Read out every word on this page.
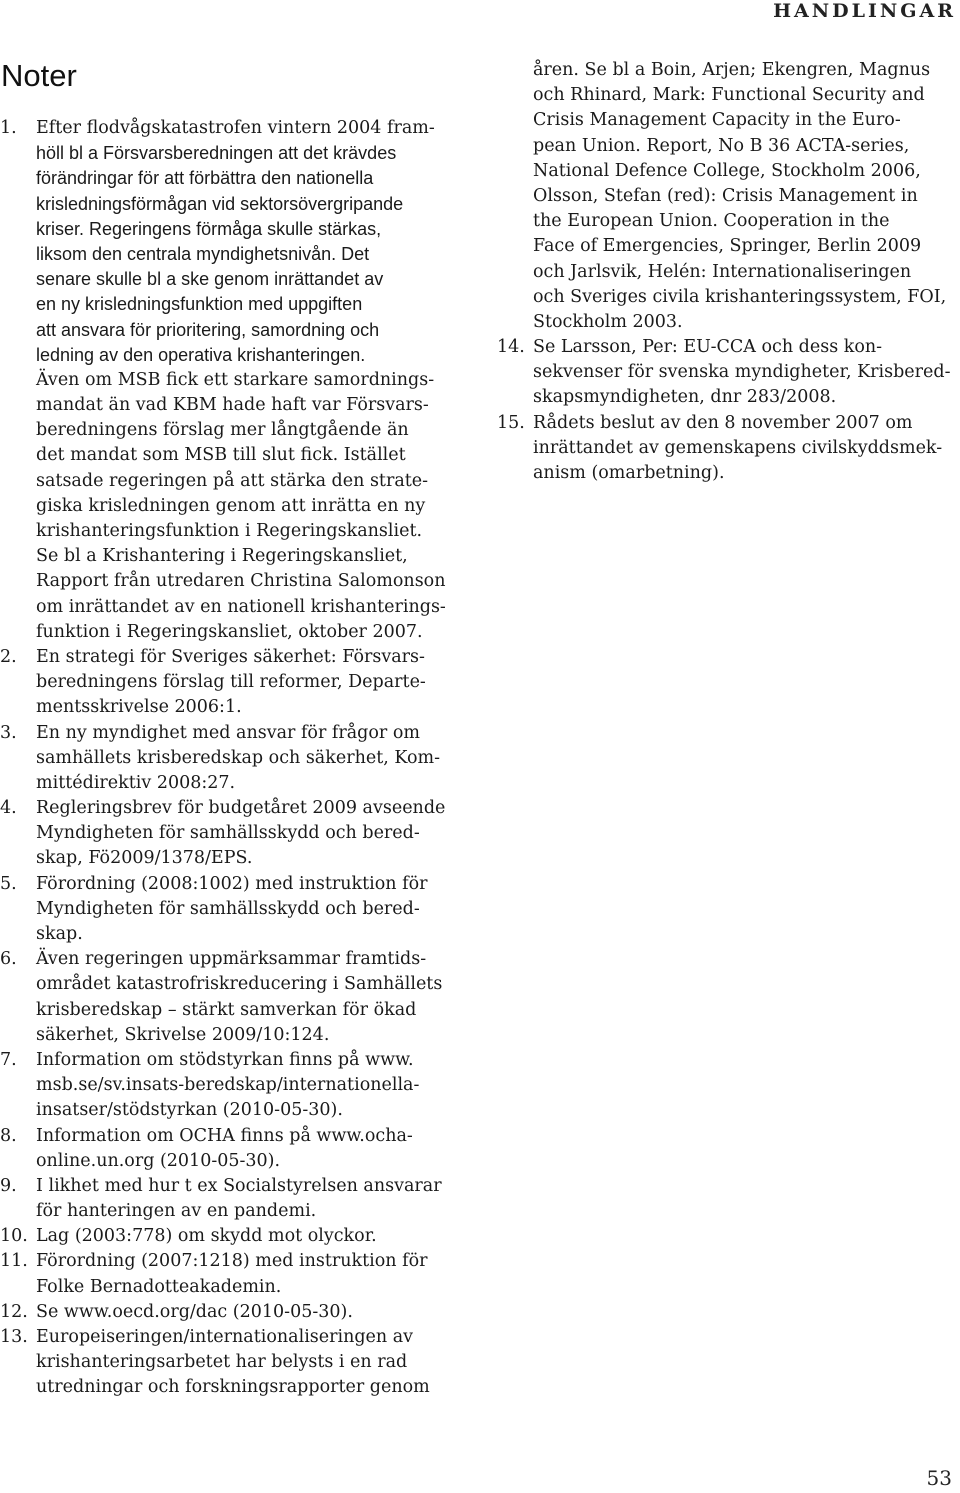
HANDLINGAR
Noter
1. Efter flodvågskatastrofen vintern 2004 fram-
höll bl a Försvarsberedningen att det krävdes
förändringar för att förbättra den nationella
krisledningsförmågan vid sektorsövergripande
kriser. Regeringens förmåga skulle stärkas,
liksom den centrala myndighetsnivån. Det
senare skulle bl a ske genom inrättandet av
en ny krisledningsfunktion med uppgiften
att ansvara för prioritering, samordning och
ledning av den operativa krishanteringen.
Även om MSB fick ett starkare samordnings-
mandat än vad KBM hade haft var Försvars-
beredningens förslag mer långtgående än
det mandat som MSB till slut fick. Istället
satsade regeringen på att stärka den strate-
giska krisledningen genom att inrätta en ny
krishanteringsfunktion i Regeringskansliet.
Se bl a Krishantering i Regeringskansliet,
Rapport från utredaren Christina Salomonson
om inrättandet av en nationell krishanterings-
funktion i Regeringskansliet, oktober 2007.
2. En strategi för Sveriges säkerhet: Försvars-
beredningens förslag till reformer, Departe-
mentsskrivelse 2006:1.
3. En ny myndighet med ansvar för frågor om
samhällets krisberedskap och säkerhet, Kom-
mittédirektiv 2008:27.
4. Regleringsbrev för budgetåret 2009 avseende
Myndigheten för samhällsskydd och bered-
skap, Fö2009/1378/EPS.
5. Förordning (2008:1002) med instruktion för
Myndigheten för samhällsskydd och bered-
skap.
6. Även regeringen uppmärksammar framtids-
området katastrofriskreducering i Samhällets
krisberedskap – stärkt samverkan för ökad
säkerhet, Skrivelse 2009/10:124.
7. Information om stödstyrkan finns på www.
msb.se/sv.insats-beredskap/internationella-
insatser/stödstyrkan (2010-05-30).
8. Information om OCHA finns på www.ocha-
online.un.org (2010-05-30).
9. I likhet med hur t ex Socialstyrelsen ansvarar
för hanteringen av en pandemi.
10. Lag (2003:778) om skydd mot olyckor.
11. Förordning (2007:1218) med instruktion för
Folke Bernadotteakademin.
12. Se www.oecd.org/dac (2010-05-30).
13. Europeiseringen/internationaliseringen av
krishanteringsarbetet har belysts i en rad
utredningar och forskningsrapporter genom
åren. Se bl a Boin, Arjen; Ekengren, Magnus
och Rhinard, Mark: Functional Security and
Crisis Management Capacity in the Euro-
pean Union. Report, No B 36 ACTA-series,
National Defence College, Stockholm 2006,
Olsson, Stefan (red): Crisis Management in
the European Union. Cooperation in the
Face of Emergencies, Springer, Berlin 2009
och Jarlsvik, Helén: Internationaliseringen
och Sveriges civila krishanteringssystem, FOI,
Stockholm 2003.
14. Se Larsson, Per: EU-CCA och dess kon-
sekvenser för svenska myndigheter, Krisbered-
skapsmyndigheten, dnr 283/2008.
15. Rådets beslut av den 8 november 2007 om
inrättandet av gemenskapens civilskyddsmek-
anism (omarbetning).
53
